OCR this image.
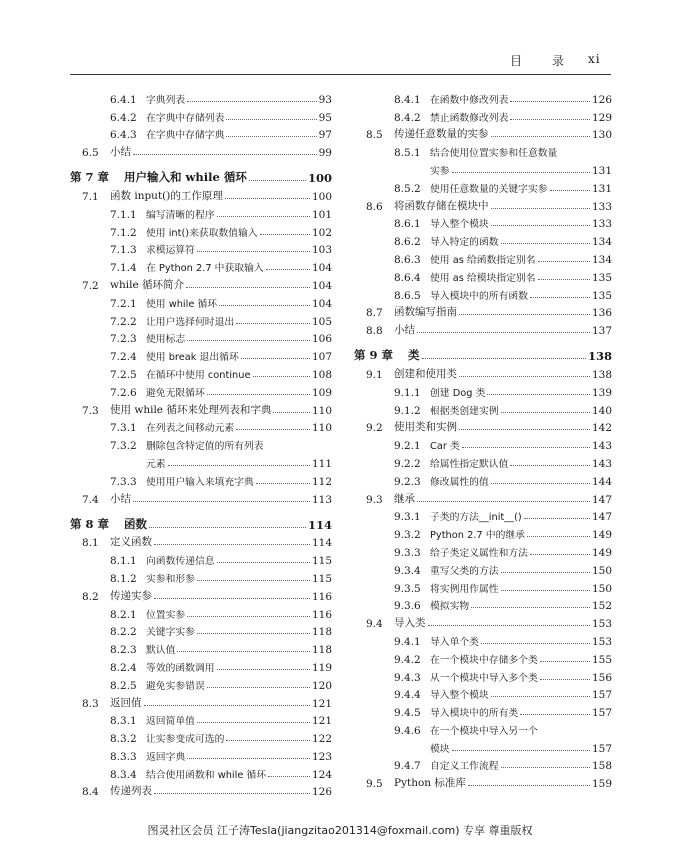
目 录 xi
6.4.1 字典列表	93
6.4.2 在字典中存储列表	95
6.4.3 在字典中存储字典	97
6.5	小结	99
第 7 章	用户输入和 while 循环	100
7.1	函数 input()的工作原理	100
7.1.1 编写清晰的程序	101
7.1.2 使用 int()来获取数值输入	102
7.1.3 求模运算符	103
7.1.4 在 Python 2.7 中获取输入	104
7.2	while 循环简介	104
7.2.1 使用 while 循环	104
7.2.2 让用户选择何时退出	105
7.2.3 使用标志	106
7.2.4 使用 break 退出循环	107
7.2.5 在循环中使用 continue	108
7.2.6 避免无限循环	109
7.3	使用 while 循环来处理列表和字典	110
7.3.1 在列表之间移动元素	110
7.3.2 删除包含特定值的所有列表
元素	111
7.3.3 使用用户输入来填充字典	112
7.4	小结	113
第 8 章	函数	114
8.1	定义函数	114
8.1.1 向函数传递信息	115
8.1.2 实参和形参	115
8.2	传递实参	116
8.2.1 位置实参	116
8.2.2 关键字实参	118
8.2.3 默认值	118
8.2.4 等效的函数调用	119
8.2.5 避免实参错误	120
8.3	返回值	121
8.3.1 返回简单值	121
8.3.2 让实参变成可选的	122
8.3.3 返回字典	123
8.3.4 结合使用函数和 while 循环	124
8.4	传递列表	126
8.4.1 在函数中修改列表	126
8.4.2 禁止函数修改列表	129
8.5	传递任意数量的实参	130
8.5.1 结合使用位置实参和任意数量
实参	131
8.5.2 使用任意数量的关键字实参	131
8.6	将函数存储在模块中	133
8.6.1 导入整个模块	133
8.6.2 导入特定的函数	134
8.6.3 使用 as 给函数指定别名	134
8.6.4 使用 as 给模块指定别名	135
8.6.5 导入模块中的所有函数	135
8.7	函数编写指南	136
8.8	小结	137
第 9 章	类	138
9.1	创建和使用类	138
9.1.1 创建 Dog 类	139
9.1.2 根据类创建实例	140
9.2	使用类和实例	142
9.2.1 Car 类	143
9.2.2 给属性指定默认值	143
9.2.3 修改属性的值	144
9.3	继承	147
9.3.1 子类的方法__init__()	147
9.3.2 Python 2.7 中的继承	149
9.3.3 给子类定义属性和方法	149
9.3.4 重写父类的方法	150
9.3.5 将实例用作属性	150
9.3.6 模拟实物	152
9.4	导入类	153
9.4.1 导入单个类	153
9.4.2 在一个模块中存储多个类	155
9.4.3 从一个模块中导入多个类	156
9.4.4 导入整个模块	157
9.4.5 导入模块中的所有类	157
9.4.6 在一个模块中导入另一个
模块	157
9.4.7 自定义工作流程	158
9.5	Python 标准库	159
图灵社区会员 江子涛Tesla(jiangzitao201314@foxmail.com) 专享 尊重版权
